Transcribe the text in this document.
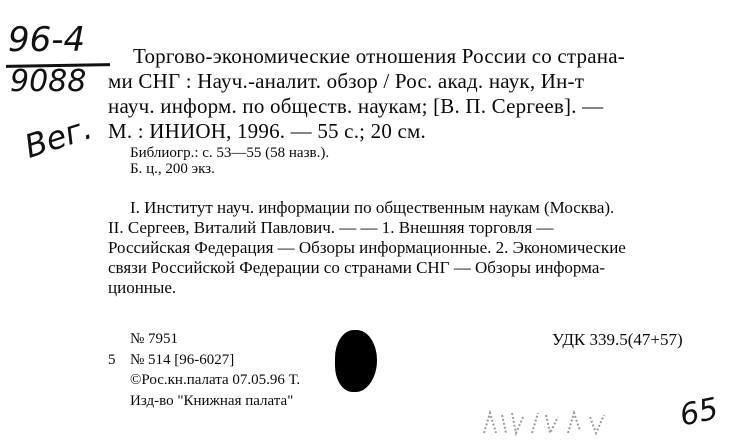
96-4
9088
Вег.
65
Торгово-экономические отношения России со страна-
ми СНГ : Науч.-аналит. обзор / Рос. акад. наук, Ин-т
науч. информ. по обществ. наукам; [В. П. Сергеев]. —
М. : ИНИОН, 1996. — 55 с.; 20 см.
Библиогр.: с. 53—55 (58 назв.).
Б. ц., 200 экз.
I. Институт науч. информации по общественным наукам (Москва).
II. Сергеев, Виталий Павлович. — — 1. Внешняя торговля —
Российская Федерация — Обзоры информационные. 2. Экономические
связи Российской Федерации со странами СНГ — Обзоры информа-
ционные.
№ 7951	УДК 339.5(47+57)
5 № 514 [96-6027]
©Рос.кн.палата 07.05.96 Т.
Изд-во "Книжная палата"
